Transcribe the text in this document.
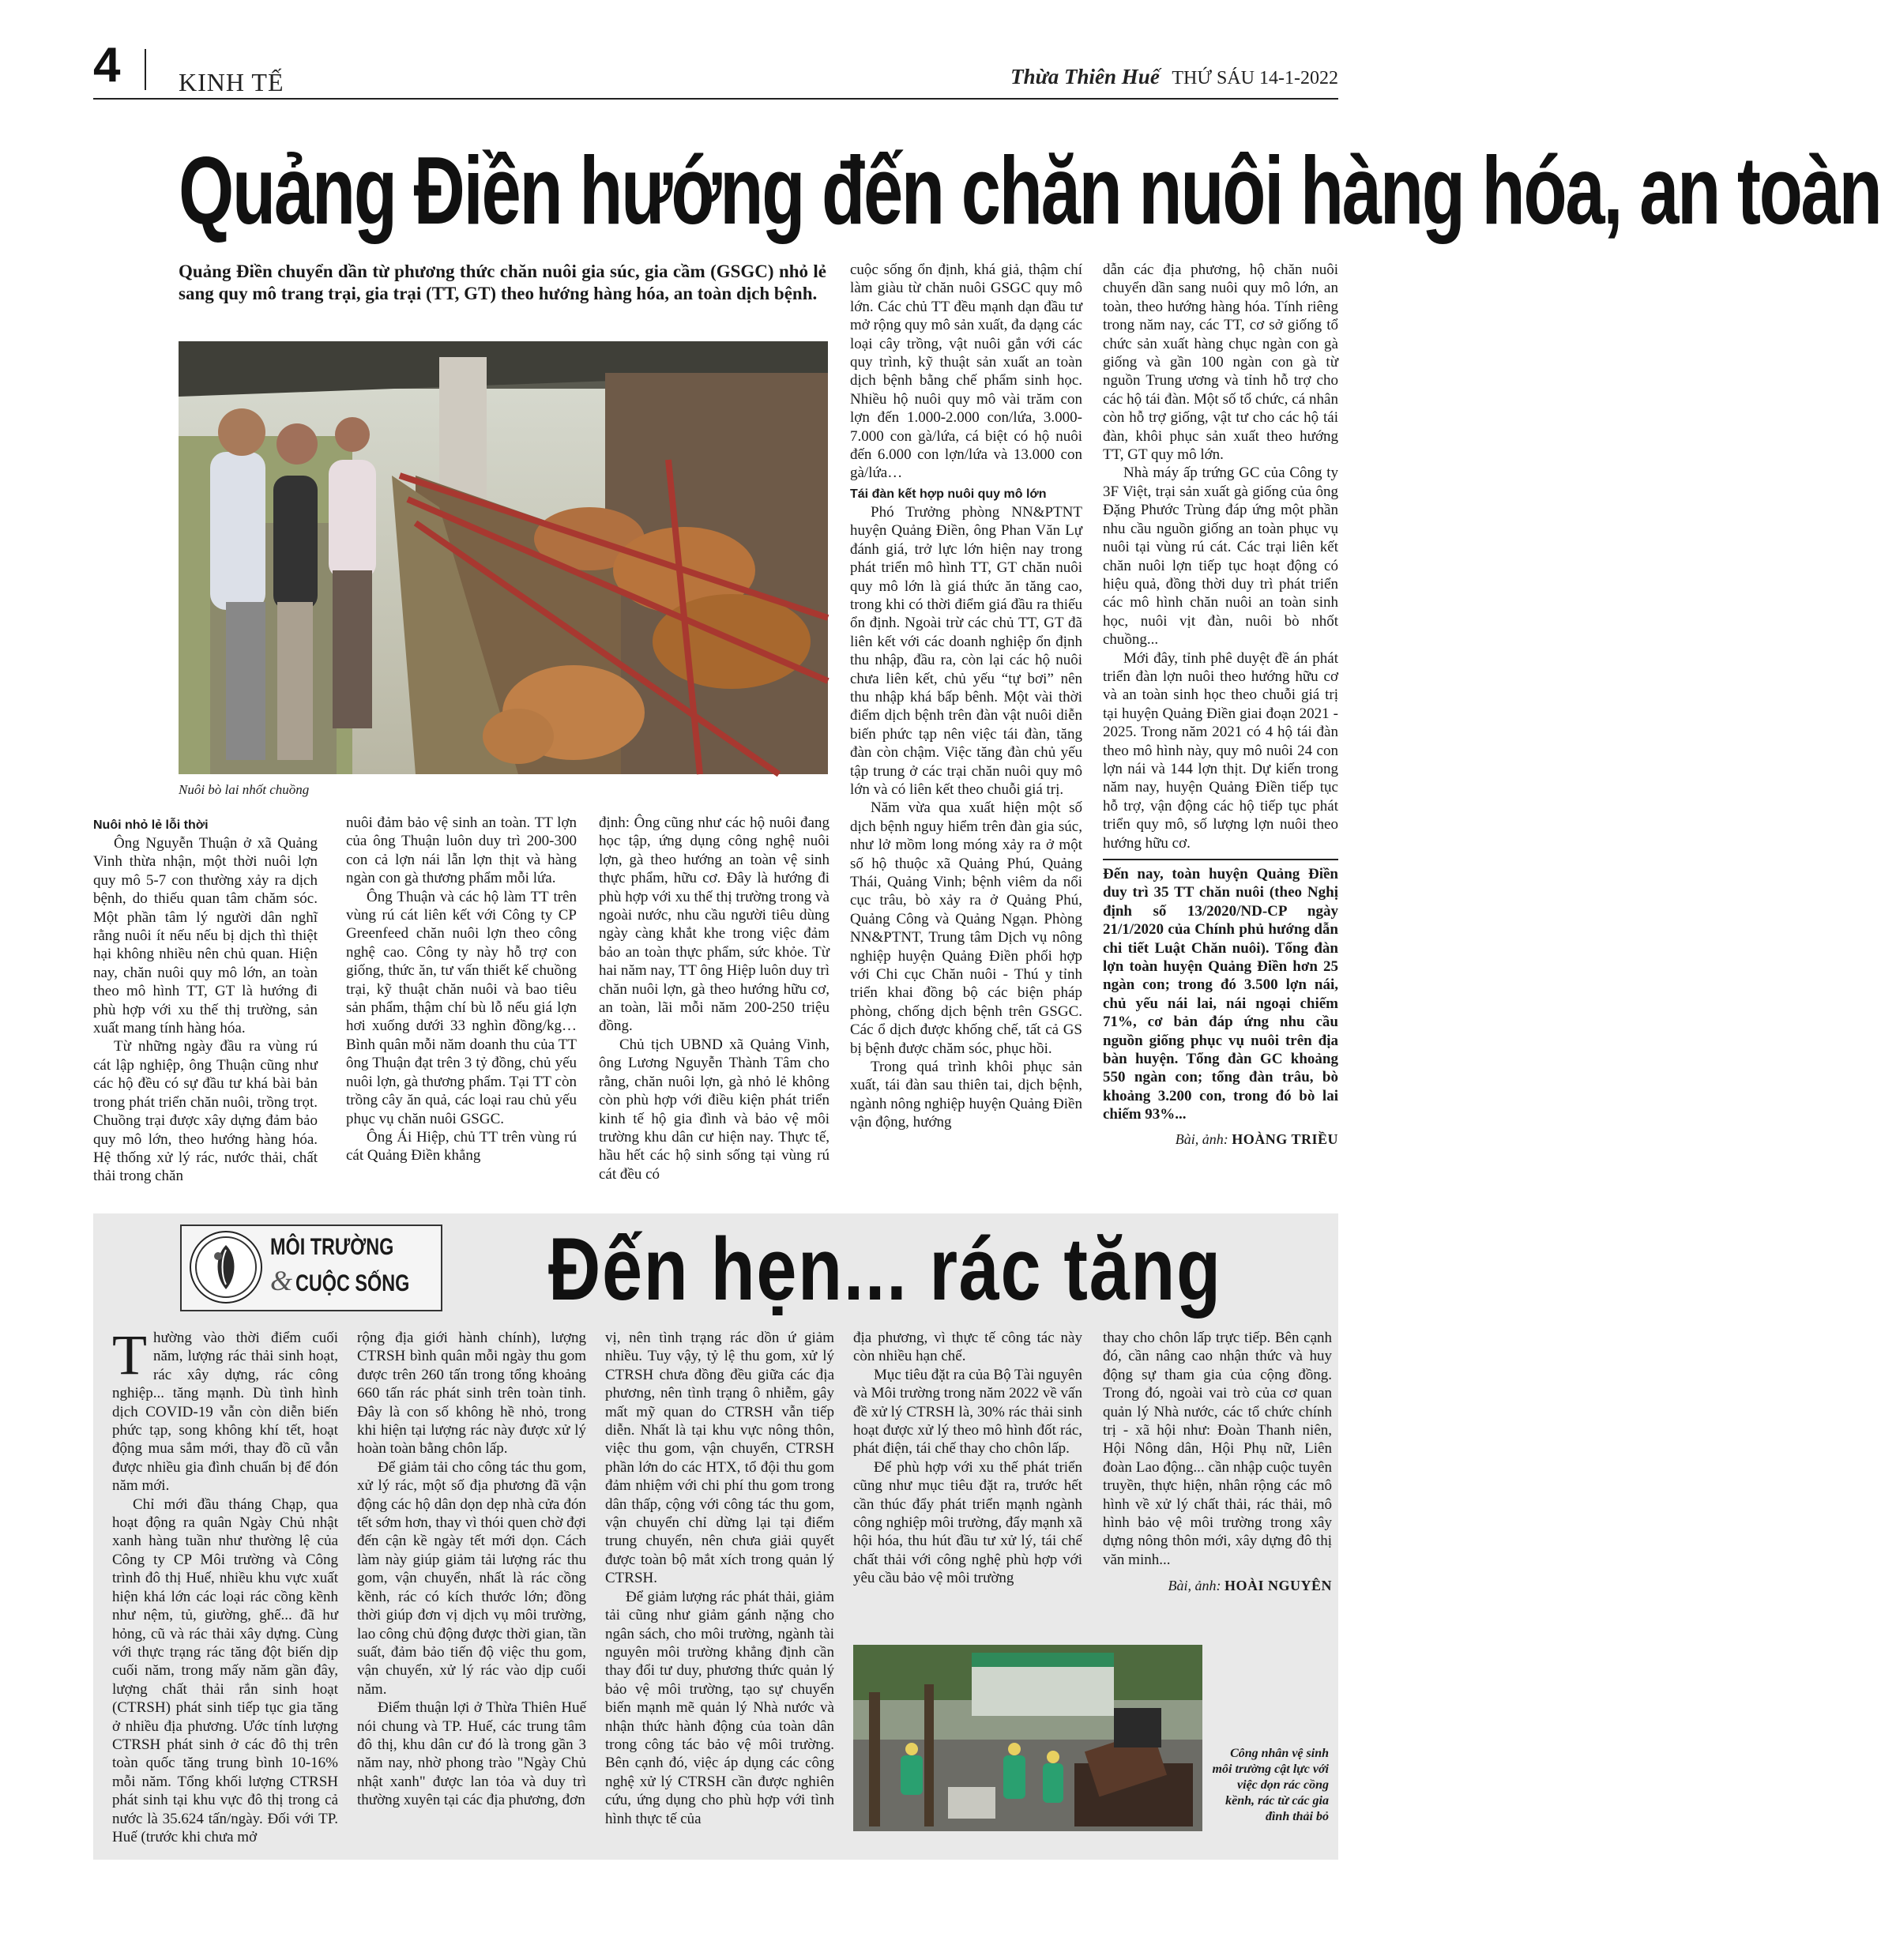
4 KINH TẾ	Thừa Thiên Huế THỨ SÁU 14-1-2022
Quảng Điền hướng đến chăn nuôi hàng hóa, an toàn
Quảng Điền chuyển dần từ phương thức chăn nuôi gia súc, gia cầm (GSGC) nhỏ lẻ sang quy mô trang trại, gia trại (TT, GT) theo hướng hàng hóa, an toàn dịch bệnh.
Nuôi bò lai nhốt chuồng

Nuôi nhỏ lẻ lỗi thời

Ông Nguyễn Thuận ở xã Quảng Vinh thừa nhận, một thời nuôi lợn quy mô 5-7 con thường xảy ra dịch bệnh, do thiếu quan tâm chăm sóc. Một phần tâm lý người dân nghĩ rằng nuôi ít nếu nếu bị dịch thì thiệt hại không nhiều nên chủ quan. Hiện nay, chăn nuôi quy mô lớn, an toàn theo mô hình TT, GT là hướng đi phù hợp với xu thế thị trường, sản xuất mang tính hàng hóa.

Từ những ngày đầu ra vùng rú cát lập nghiệp, ông Thuận cũng như các hộ đều có sự đầu tư khá bài bản trong phát triển chăn nuôi, trồng trọt. Chuồng trại được xây dựng đảm bảo quy mô lớn, theo hướng hàng hóa. Hệ thống xử lý rác, nước thải, chất thải trong chăn

nuôi đảm bảo vệ sinh an toàn. TT lợn của ông Thuận luôn duy trì 200-300 con cả lợn nái lẫn lợn thịt và hàng ngàn con gà thương phẩm mỗi lứa.

Ông Thuận và các hộ làm TT trên vùng rú cát liên kết với Công ty CP Greenfeed chăn nuôi lợn theo công nghệ cao. Công ty này hỗ trợ con giống, thức ăn, tư vấn thiết kế chuồng trại, kỹ thuật chăn nuôi và bao tiêu sản phẩm, thậm chí bù lỗ nếu giá lợn hơi xuống dưới 33 nghìn đồng/kg… Bình quân mỗi năm doanh thu của TT ông Thuận đạt trên 3 tỷ đồng, chủ yếu nuôi lợn, gà thương phẩm. Tại TT còn trồng cây ăn quả, các loại rau chủ yếu phục vụ chăn nuôi GSGC.

Ông Ái Hiệp, chủ TT trên vùng rú cát Quảng Điền khẳng

định: Ông cũng như các hộ nuôi đang học tập, ứng dụng công nghệ nuôi lợn, gà theo hướng an toàn vệ sinh thực phẩm, hữu cơ. Đây là hướng đi phù hợp với xu thế thị trường trong và ngoài nước, nhu cầu người tiêu dùng ngày càng khắt khe trong việc đảm bảo an toàn thực phẩm, sức khỏe. Từ hai năm nay, TT ông Hiệp luôn duy trì chăn nuôi lợn, gà theo hướng hữu cơ, an toàn, lãi mỗi năm 200-250 triệu đồng.

Chủ tịch UBND xã Quảng Vinh, ông Lương Nguyễn Thành Tâm cho rằng, chăn nuôi lợn, gà nhỏ lẻ không còn phù hợp với điều kiện phát triển kinh tế hộ gia đình và bảo vệ môi trường khu dân cư hiện nay. Thực tế, hầu hết các hộ sinh sống tại vùng rú cát đều có

cuộc sống ổn định, khá giả, thậm chí làm giàu từ chăn nuôi GSGC quy mô lớn. Các chủ TT đều mạnh dạn đầu tư mở rộng quy mô sản xuất, đa dạng các loại cây trồng, vật nuôi gắn với các quy trình, kỹ thuật sản xuất an toàn dịch bệnh bằng chế phẩm sinh học. Nhiều hộ nuôi quy mô vài trăm con lợn đến 1.000-2.000 con/lứa, 3.000-7.000 con gà/lứa, cá biệt có hộ nuôi đến 6.000 con lợn/lứa và 13.000 con gà/lứa…

Tái đàn kết hợp nuôi quy mô lớn

Phó Trưởng phòng NN&PTNT huyện Quảng Điền, ông Phan Văn Lự đánh giá, trở lực lớn hiện nay trong phát triển mô hình TT, GT chăn nuôi quy mô lớn là giá thức ăn tăng cao, trong khi có thời điểm giá đầu ra thiếu ổn định. Ngoài trừ các chủ TT, GT đã liên kết với các doanh nghiệp ổn định thu nhập, đầu ra, còn lại các hộ nuôi chưa liên kết, chủ yếu “tự bơi” nên thu nhập khá bấp bênh. Một vài thời điểm dịch bệnh trên đàn vật nuôi diễn biến phức tạp nên việc tái đàn, tăng đàn còn chậm. Việc tăng đàn chủ yếu tập trung ở các trại chăn nuôi quy mô lớn và có liên kết theo chuỗi giá trị.

Năm vừa qua xuất hiện một số dịch bệnh nguy hiểm trên đàn gia súc, như lở mồm long móng xảy ra ở một số hộ thuộc xã Quảng Phú, Quảng Thái, Quảng Vinh; bệnh viêm da nổi cục trâu, bò xảy ra ở Quảng Phú, Quảng Công và Quảng Ngạn. Phòng NN&PTNT, Trung tâm Dịch vụ nông nghiệp huyện Quảng Điền phối hợp với Chi cục Chăn nuôi - Thú y tỉnh triển khai đồng bộ các biện pháp phòng, chống dịch bệnh trên GSGC. Các ổ dịch được khống chế, tất cả GS bị bệnh được chăm sóc, phục hồi.

Trong quá trình khôi phục sản xuất, tái đàn sau thiên tai, dịch bệnh, ngành nông nghiệp huyện Quảng Điền vận động, hướng

dẫn các địa phương, hộ chăn nuôi chuyển dần sang nuôi quy mô lớn, an toàn, theo hướng hàng hóa. Tính riêng trong năm nay, các TT, cơ sở giống tổ chức sản xuất hàng chục ngàn con gà giống và gần 100 ngàn con gà từ nguồn Trung ương và tỉnh hỗ trợ cho các hộ tái đàn. Một số tổ chức, cá nhân còn hỗ trợ giống, vật tư cho các hộ tái đàn, khôi phục sản xuất theo hướng TT, GT quy mô lớn.

Nhà máy ấp trứng GC của Công ty 3F Việt, trại sản xuất gà giống của ông Đặng Phước Trùng đáp ứng một phần nhu cầu nguồn giống an toàn phục vụ nuôi tại vùng rú cát. Các trại liên kết chăn nuôi lợn tiếp tục hoạt động có hiệu quả, đồng thời duy trì phát triển các mô hình chăn nuôi an toàn sinh học, nuôi vịt đàn, nuôi bò nhốt chuồng...

Mới đây, tỉnh phê duyệt đề án phát triển đàn lợn nuôi theo hướng hữu cơ và an toàn sinh học theo chuỗi giá trị tại huyện Quảng Điền giai đoạn 2021 - 2025. Trong năm 2021 có 4 hộ tái đàn theo mô hình này, quy mô nuôi 24 con lợn nái và 144 lợn thịt. Dự kiến trong năm nay, huyện Quảng Điền tiếp tục hỗ trợ, vận động các hộ tiếp tục phát triển quy mô, số lượng lợn nuôi theo hướng hữu cơ.

Đến nay, toàn huyện Quảng Điền duy trì 35 TT chăn nuôi (theo Nghị định số 13/2020/ND-CP ngày 21/1/2020 của Chính phủ hướng dẫn chi tiết Luật Chăn nuôi). Tổng đàn lợn toàn huyện Quảng Điền hơn 25 ngàn con; trong đó 3.500 lợn nái, chủ yếu nái lai, nái ngoại chiếm 71%, cơ bản đáp ứng nhu cầu nguồn giống phục vụ nuôi trên địa bàn huyện. Tổng đàn GC khoảng 550 ngàn con; tổng đàn trâu, bò khoảng 3.200 con, trong đó bò lai chiếm 93%...

Bài, ảnh: HOÀNG TRIỀU

MÔI TRƯỜNG
& CUỘC SỐNG Đến hẹn... rác tăng

Thường vào thời điểm cuối năm, lượng rác thải sinh hoạt, rác xây dựng, rác công nghiệp... tăng mạnh. Dù tình hình dịch COVID-19 vẫn còn diễn biến phức tạp, song không khí tết, hoạt động mua sắm mới, thay đồ cũ vẫn được nhiều gia đình chuẩn bị để đón năm mới.

Chỉ mới đầu tháng Chạp, qua hoạt động ra quân Ngày Chủ nhật xanh hàng tuần như thường lệ của Công ty CP Môi trường và Công trình đô thị Huế, nhiều khu vực xuất hiện khá lớn các loại rác cồng kềnh như nệm, tủ, giường, ghế... đã hư hỏng, cũ và rác thải xây dựng. Cùng với thực trạng rác tăng đột biến dịp cuối năm, trong mấy năm gần đây, lượng chất thải rắn sinh hoạt (CTRSH) phát sinh tiếp tục gia tăng ở nhiều địa phương. Ước tính lượng CTRSH phát sinh ở các đô thị trên toàn quốc tăng trung bình 10-16% mỗi năm. Tổng khối lượng CTRSH phát sinh tại khu vực đô thị trong cả nước là 35.624 tấn/ngày. Đối với TP. Huế (trước khi chưa mở

rộng địa giới hành chính), lượng CTRSH bình quân mỗi ngày thu gom được trên 260 tấn trong tổng khoảng 660 tấn rác phát sinh trên toàn tỉnh. Đây là con số không hề nhỏ, trong khi hiện tại lượng rác này được xử lý hoàn toàn bằng chôn lấp.

Để giảm tải cho công tác thu gom, xử lý rác, một số địa phương đã vận động các hộ dân dọn dẹp nhà cửa đón tết sớm hơn, thay vì thói quen chờ đợi đến cận kề ngày tết mới dọn. Cách làm này giúp giảm tải lượng rác thu gom, vận chuyển, nhất là rác cồng kềnh, rác có kích thước lớn; đồng thời giúp đơn vị dịch vụ môi trường, lao công chủ động được thời gian, tần suất, đảm bảo tiến độ việc thu gom, vận chuyển, xử lý rác vào dịp cuối năm.

Điểm thuận lợi ở Thừa Thiên Huế nói chung và TP. Huế, các trung tâm đô thị, khu dân cư đó là trong gần 3 năm nay, nhờ phong trào "Ngày Chủ nhật xanh" được lan tỏa và duy trì thường xuyên tại các địa phương, đơn

vị, nên tình trạng rác dồn ứ giảm nhiều. Tuy vậy, tỷ lệ thu gom, xử lý CTRSH chưa đồng đều giữa các địa phương, nên tình trạng ô nhiễm, gây mất mỹ quan do CTRSH vẫn tiếp diễn. Nhất là tại khu vực nông thôn, việc thu gom, vận chuyển, CTRSH phần lớn do các HTX, tổ đội thu gom đảm nhiệm với chi phí thu gom trong dân thấp, cộng với công tác thu gom, vận chuyển chỉ dừng lại tại điểm trung chuyển, nên chưa giải quyết được toàn bộ mắt xích trong quản lý CTRSH.

Để giảm lượng rác phát thải, giảm tải cũng như giảm gánh nặng cho ngân sách, cho môi trường, ngành tài nguyên môi trường khẳng định cần thay đổi tư duy, phương thức quản lý bảo vệ môi trường, tạo sự chuyển biến mạnh mẽ quản lý Nhà nước và nhận thức hành động của toàn dân trong công tác bảo vệ môi trường. Bên cạnh đó, việc áp dụng các công nghệ xử lý CTRSH cần được nghiên cứu, ứng dụng cho phù hợp với tình hình thực tế của

địa phương, vì thực tế công tác này còn nhiều hạn chế.

Mục tiêu đặt ra của Bộ Tài nguyên và Môi trường trong năm 2022 về vấn đề xử lý CTRSH là, 30% rác thải sinh hoạt được xử lý theo mô hình đốt rác, phát điện, tái chế thay cho chôn lấp.

Để phù hợp với xu thế phát triển cũng như mục tiêu đặt ra, trước hết cần thúc đẩy phát triển mạnh ngành công nghiệp môi trường, đẩy mạnh xã hội hóa, thu hút đầu tư xử lý, tái chế chất thải với công nghệ phù hợp với yêu cầu bảo vệ môi trường

thay cho chôn lấp trực tiếp. Bên cạnh đó, cần nâng cao nhận thức và huy động sự tham gia của cộng đồng. Trong đó, ngoài vai trò của cơ quan quản lý Nhà nước, các tổ chức chính trị - xã hội như: Đoàn Thanh niên, Hội Nông dân, Hội Phụ nữ, Liên đoàn Lao động... cần nhập cuộc tuyên truyền, thực hiện, nhân rộng các mô hình về xử lý chất thải, rác thải, mô hình bảo vệ môi trường trong xây dựng nông thôn mới, xây dựng đô thị văn minh...

Bài, ảnh: HOÀI NGUYÊN

Công nhân vệ sinh môi trường cật lực với việc dọn rác cồng kềnh, rác từ các gia đình thải bỏ
